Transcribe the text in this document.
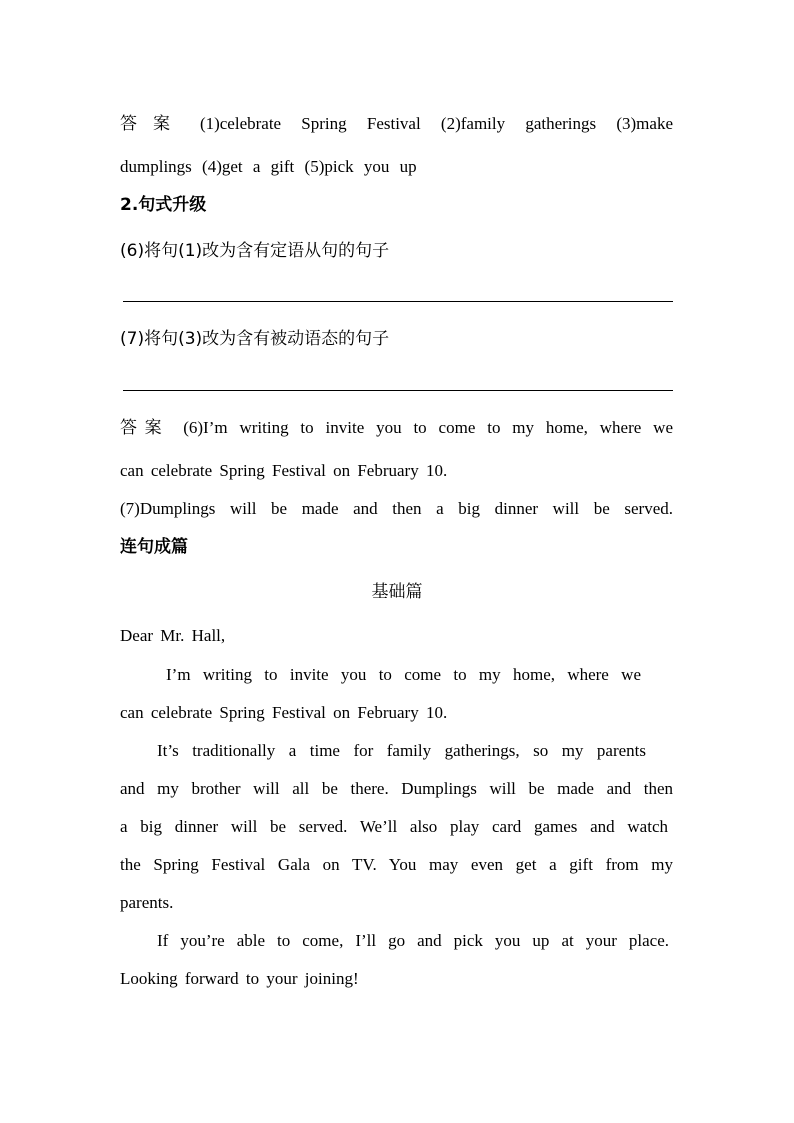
答案 (1)celebrate Spring Festival (2)family gatherings (3)make
dumplings (4)get a gift (5)pick you up
2.句式升级
(6)将句(1)改为含有定语从句的句子
(7)将句(3)改为含有被动语态的句子
答案 (6)I’m writing to invite you to come to my home, where we
can celebrate Spring Festival on February 10.
(7)Dumplings will be made and then a big dinner will be served.
连句成篇
基础篇
Dear Mr. Hall,
I’m writing to invite you to come to my home, where we
can celebrate Spring Festival on February 10.
It’s traditionally a time for family gatherings, so my parents
and my brother will all be there. Dumplings will be made and then
a big dinner will be served. We’ll also play card games and watch
the Spring Festival Gala on TV. You may even get a gift from my
parents.
If you’re able to come, I’ll go and pick you up at your place.
Looking forward to your joining!
